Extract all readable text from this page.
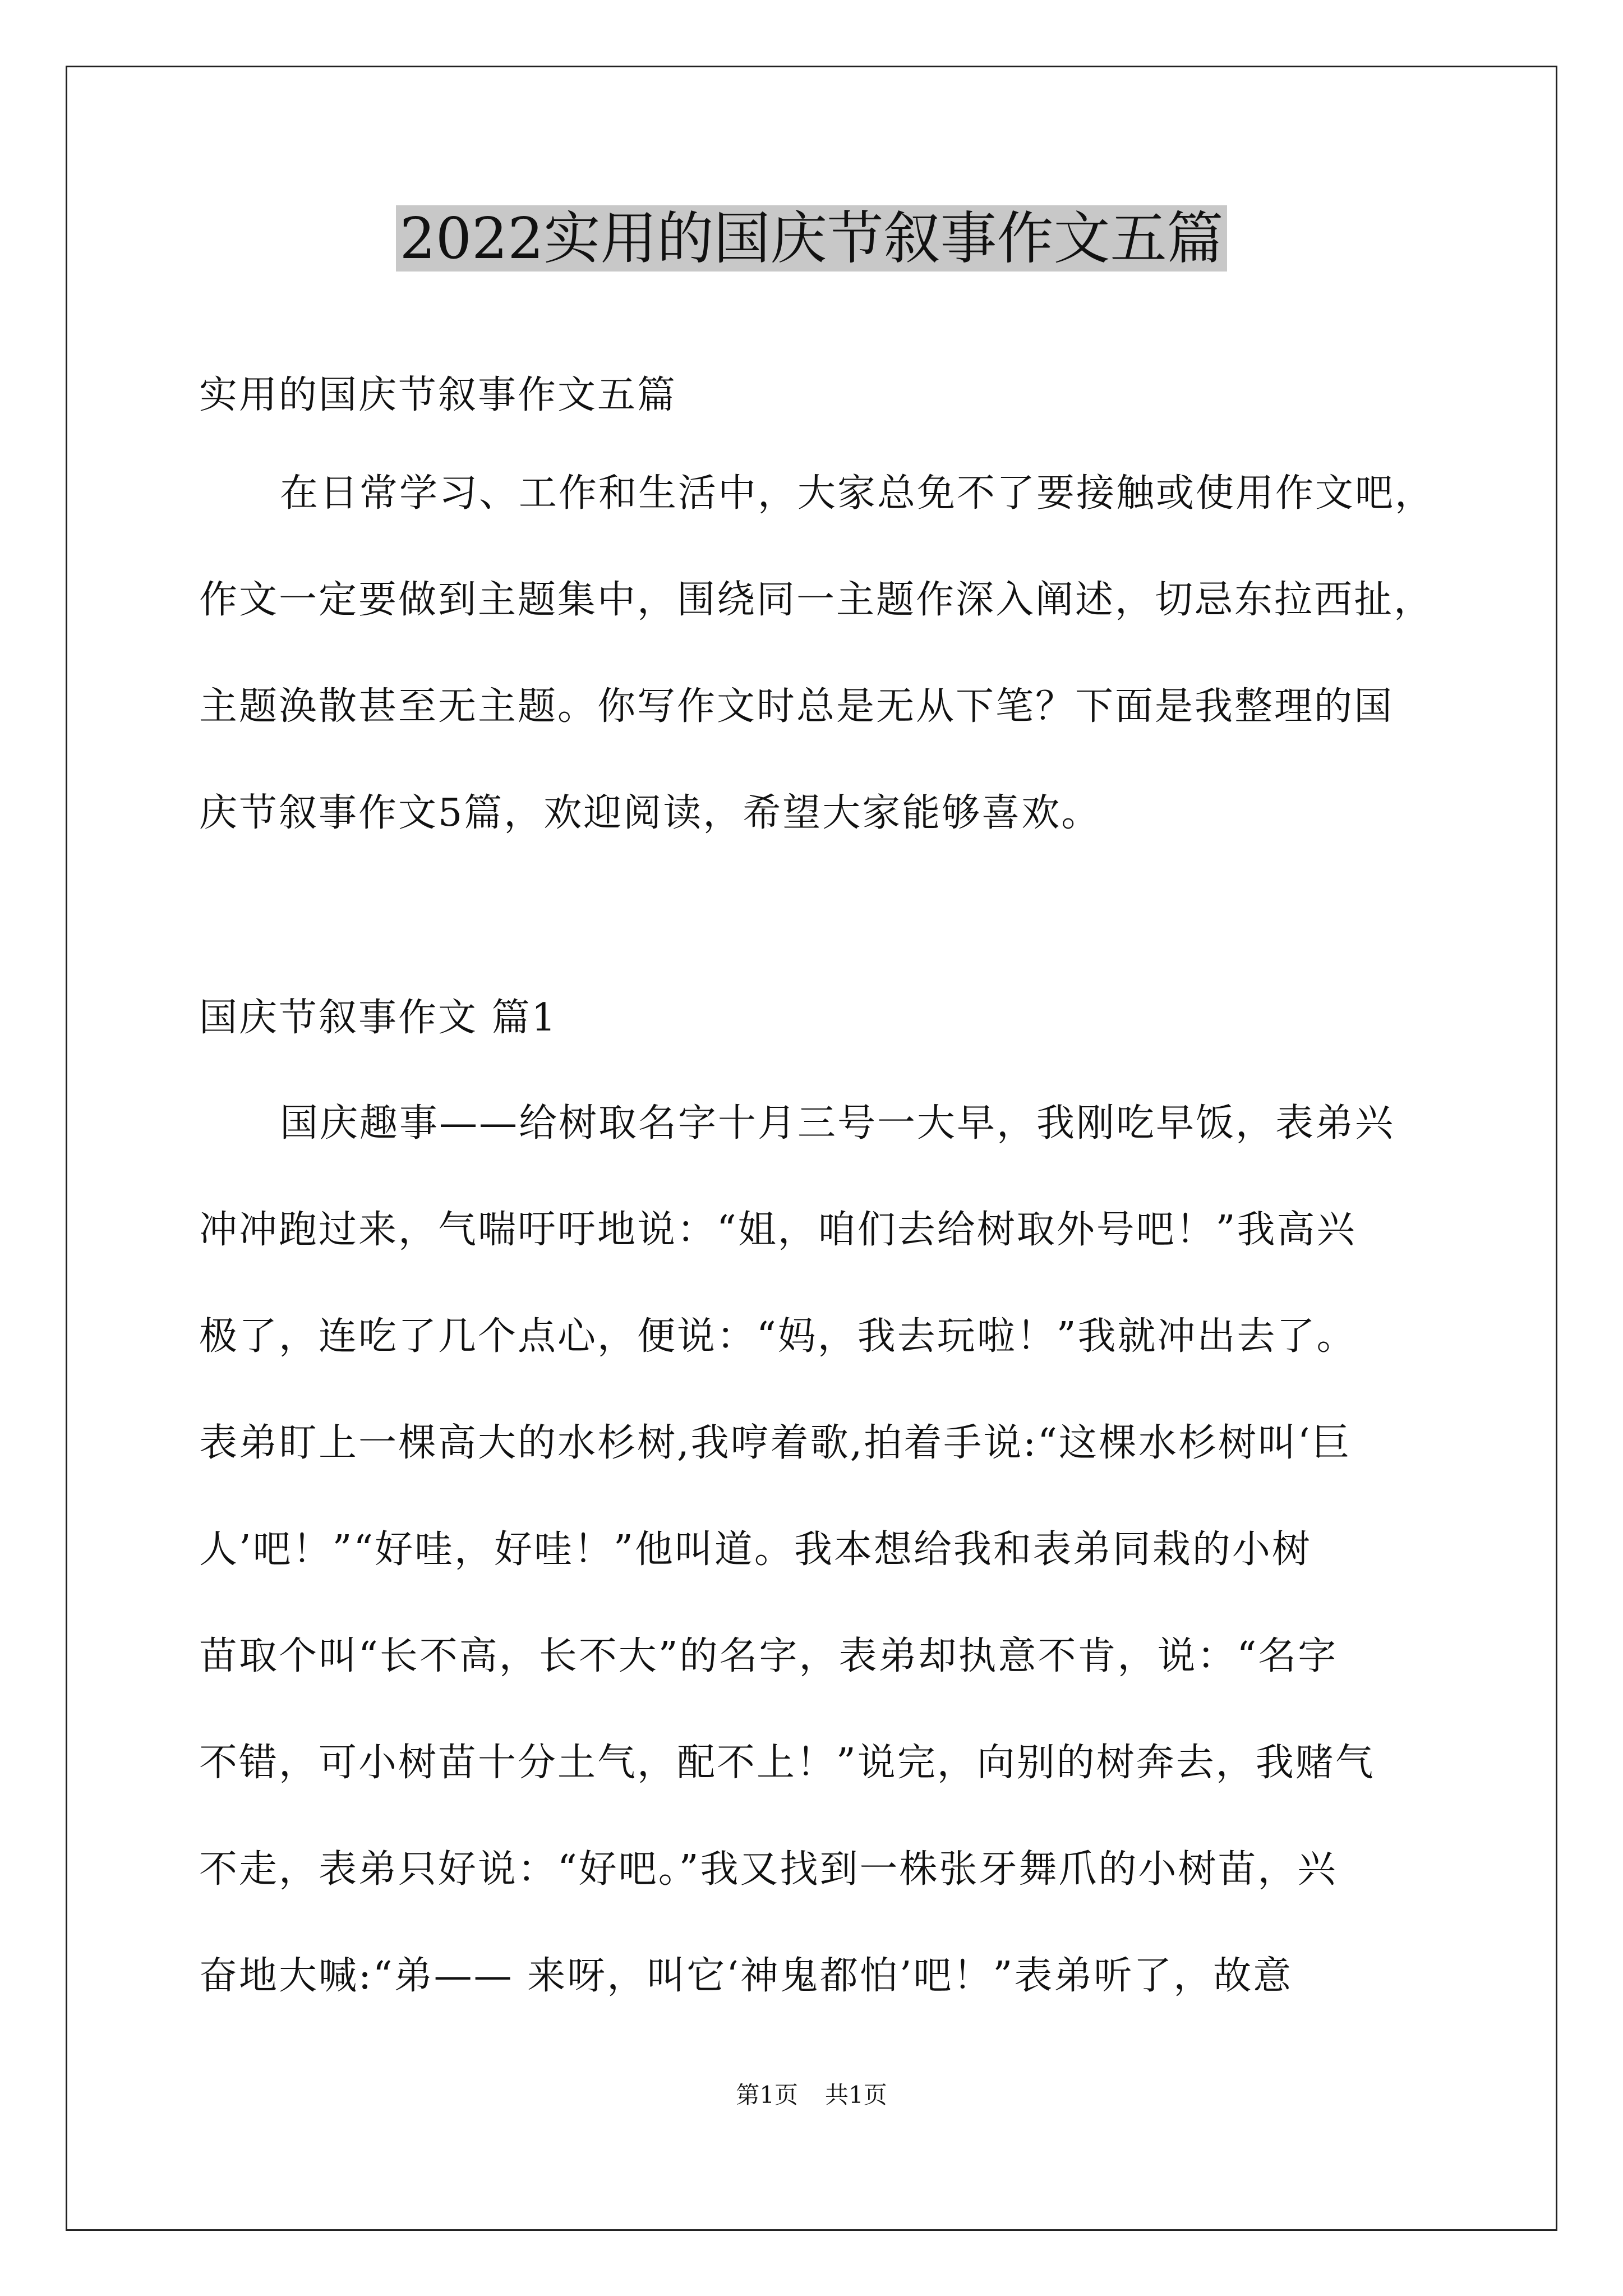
2022实用的国庆节叙事作文五篇

实用的国庆节叙事作文五篇

在日常学习、工作和生活中，大家总免不了要接触或使用作文吧，
作文一定要做到主题集中，围绕同一主题作深入阐述，切忌东拉西扯，
主题涣散甚至无主题。你写作文时总是无从下笔？下面是我整理的国
庆节叙事作文5篇，欢迎阅读，希望大家能够喜欢。

国庆节叙事作文 篇1

国庆趣事——给树取名字十月三号一大早，我刚吃早饭，表弟兴
冲冲跑过来，气喘吁吁地说：“姐，咱们去给树取外号吧！”我高兴
极了，连吃了几个点心，便说：“妈，我去玩啦！”我就冲出去了。
表弟盯上一棵高大的水杉树,我哼着歌,拍着手说:“这棵水杉树叫‘巨
人’吧！”“好哇，好哇！”他叫道。我本想给我和表弟同栽的小树
苗取个叫“长不高，长不大”的名字，表弟却执意不肯，说：“名字
不错，可小树苗十分土气，配不上！”说完，向别的树奔去，我赌气
不走，表弟只好说：“好吧。”我又找到一株张牙舞爪的小树苗，兴
奋地大喊:“弟—— 来呀，叫它‘神鬼都怕’吧！”表弟听了，故意
第1页 共1页
